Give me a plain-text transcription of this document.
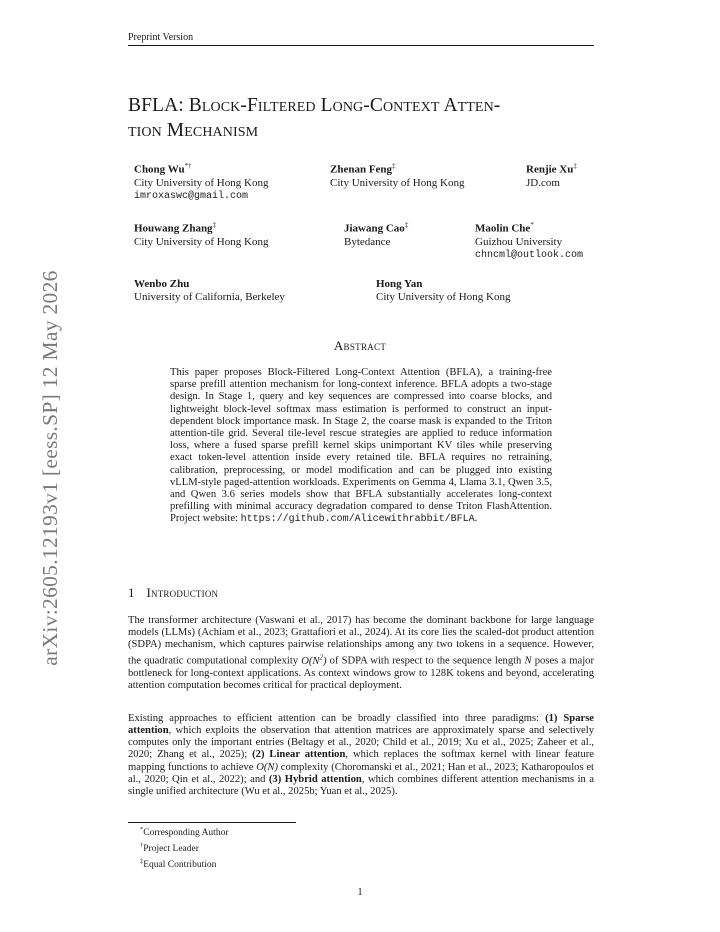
arXiv:2605.12193v1 [eess.SP] 12 May 2026
Preprint Version
BFLA: Block-Filtered Long-Context Atten-
tion Mechanism
Chong Wu*†
City University of Hong Kong
imroxaswc@gmail.com
Zhenan Feng‡
City University of Hong Kong
Renjie Xu‡
JD.com
Houwang Zhang‡
City University of Hong Kong
Jiawang Cao‡
Bytedance
Maolin Che*
Guizhou University
chncml@outlook.com
Wenbo Zhu
University of California, Berkeley
Hong Yan
City University of Hong Kong
Abstract
This paper proposes Block-Filtered Long-Context Attention (BFLA), a training-free sparse prefill attention mechanism for long-context inference. BFLA adopts a two-stage design. In Stage 1, query and key sequences are compressed into coarse blocks, and lightweight block-level softmax mass estimation is performed to construct an input-dependent block importance mask. In Stage 2, the coarse mask is expanded to the Triton attention-tile grid. Several tile-level rescue strategies are applied to reduce information loss, where a fused sparse prefill kernel skips unimportant KV tiles while preserving exact token-level attention inside every retained tile. BFLA requires no retraining, calibration, preprocessing, or model modification and can be plugged into existing vLLM-style paged-attention workloads. Experiments on Gemma 4, Llama 3.1, Qwen 3.5, and Qwen 3.6 series models show that BFLA substantially accelerates long-context prefilling with minimal accuracy degradation compared to dense Triton FlashAttention. Project website: https://github.com/Alicewithrabbit/BFLA.
1 Introduction
The transformer architecture (Vaswani et al., 2017) has become the dominant backbone for large language models (LLMs) (Achiam et al., 2023; Grattafiori et al., 2024). At its core lies the scaled-dot product attention (SDPA) mechanism, which captures pairwise relationships among any two tokens in a sequence. However, the quadratic computational complexity $O(N^2)$ of SDPA with respect to the sequence length N poses a major bottleneck for long-context applications. As context windows grow to 128K tokens and beyond, accelerating attention computation becomes critical for practical deployment.
Existing approaches to efficient attention can be broadly classified into three paradigms: (1) Sparse attention, which exploits the observation that attention matrices are approximately sparse and selectively computes only the important entries (Beltagy et al., 2020; Child et al., 2019; Xu et al., 2025; Zaheer et al., 2020; Zhang et al., 2025); (2) Linear attention, which replaces the softmax kernel with linear feature mapping functions to achieve O(N) complexity (Choromanski et al., 2021; Han et al., 2023; Katharopoulos et al., 2020; Qin et al., 2022); and (3) Hybrid attention, which combines different attention mechanisms in a single unified architecture (Wu et al., 2025b; Yuan et al., 2025).
*Corresponding Author
†Project Leader
‡Equal Contribution
1
